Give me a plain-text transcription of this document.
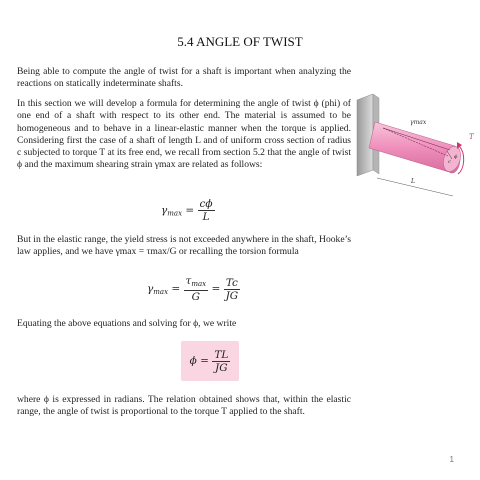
5.4 ANGLE OF TWIST

Being able to compute the angle of twist for a shaft is important when analyzing the reactions on statically indeterminate shafts.

In this section we will develop a formula for determining the angle of twist ϕ (phi) of one end of a shaft with respect to its other end. The material is assumed to be homogeneous and to behave in a linear-elastic manner when the torque is applied. Considering first the case of a shaft of length L and of uniform cross section of radius c subjected to torque T at its free end, we recall from section 5.2 that the angle of twist ϕ and the maximum shearing strain γmax are related as follows:

$\gamma_{max} = \frac{c\phi}{L}$

But in the elastic range, the yield stress is not exceeded anywhere in the shaft, Hooke’s law applies, and we have γmax = τmax/G or recalling the torsion formula

$\gamma_{max} = \frac{\tau_{max}}{G} = \frac{Tc}{JG}$

Equating the above equations and solving for ϕ, we write

$\phi = \frac{TL}{JG}$

where ϕ is expressed in radians. The relation obtained shows that, within the elastic range, the angle of twist is proportional to the torque T applied to the shaft.

γmax
T
ϕ
c
L
1
